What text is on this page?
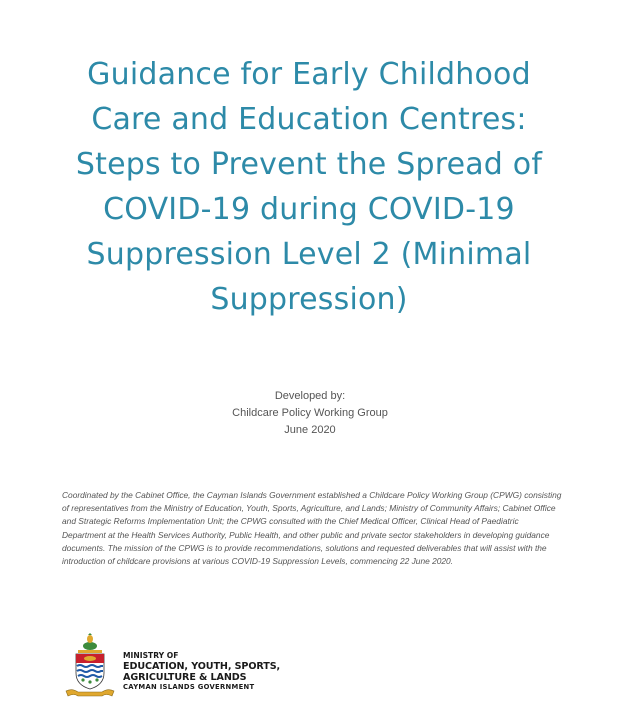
Guidance for Early Childhood
Care and Education Centres:
Steps to Prevent the Spread of
COVID-19 during COVID-19
Suppression Level 2 (Minimal
Suppression)
Developed by:
Childcare Policy Working Group
June 2020

Coordinated by the Cabinet Office, the Cayman Islands Government established a Childcare Policy Working Group (CPWG) consisting of representatives from the Ministry of Education, Youth, Sports, Agriculture, and Lands; Ministry of Community Affairs; Cabinet Office and Strategic Reforms Implementation Unit; the CPWG consulted with the Chief Medical Officer, Clinical Head of Paediatric Department at the Health Services Authority, Public Health, and other public and private sector stakeholders in developing guidance documents. The mission of the CPWG is to provide recommendations, solutions and requested deliverables that will assist with the introduction of childcare provisions at various COVID-19 Suppression Levels, commencing 22 June 2020.

MINISTRY OF
EDUCATION, YOUTH, SPORTS,
AGRICULTURE & LANDS
CAYMAN ISLANDS GOVERNMENT
